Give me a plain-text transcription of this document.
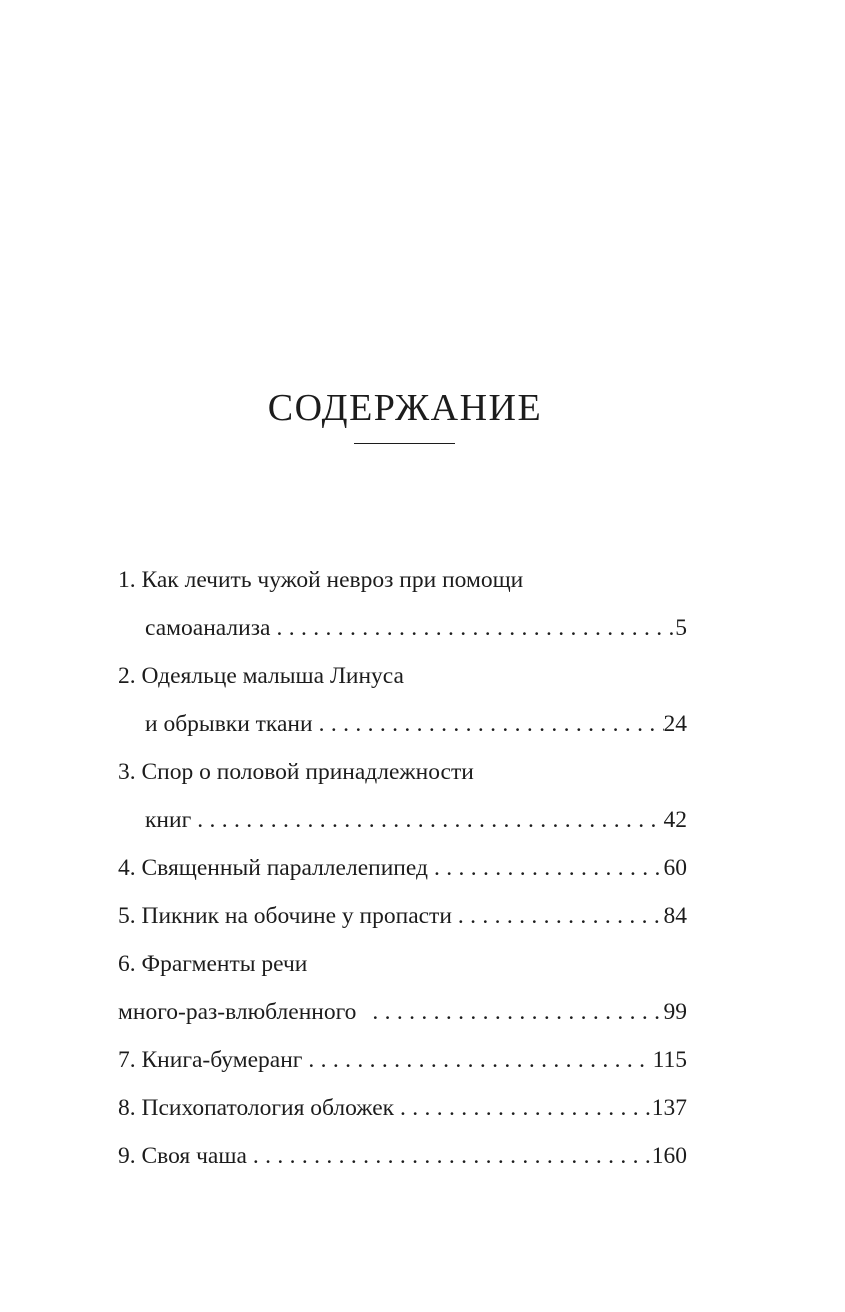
СОДЕРЖАНИЕ
1. Как лечить чужой невроз при помощи
самоанализа . . .	5
2. Одеяльце малыша Линуса
и обрывки ткани . . .	24
3. Спор о половой принадлежности
книг . . .	42
4. Священный параллелепипед . . .	60
5. Пикник на обочине у пропасти . . .	84
6. Фрагменты речи
много-раз-влюбленного . . .	99
7. Книга-бумеранг . . .	115
8. Психопатология обложек . . .	137
9. Своя чаша . . .	160
